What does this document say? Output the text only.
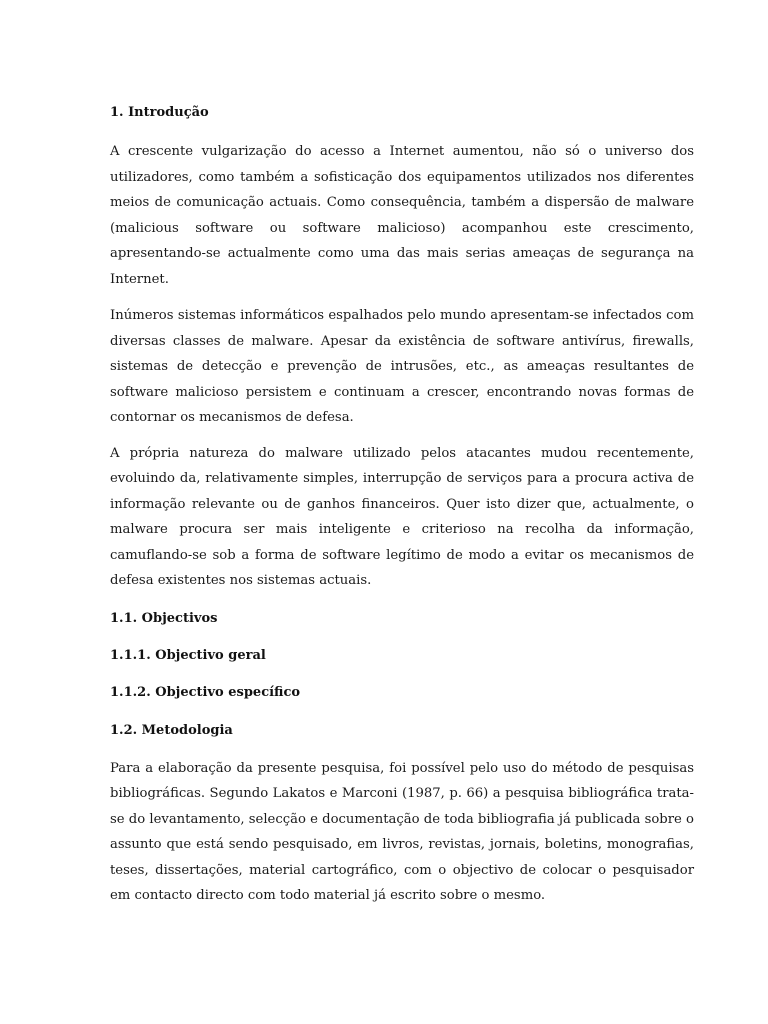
1. Introdução

A crescente vulgarização do acesso a Internet aumentou, não só o universo dos utilizadores, como também a sofisticação dos equipamentos utilizados nos diferentes meios de comunicação actuais. Como consequência, também a dispersão de malware (malicious software ou software malicioso) acompanhou este crescimento, apresentando-se actualmente como uma das mais serias ameaças de segurança na Internet.

Inúmeros sistemas informáticos espalhados pelo mundo apresentam-se infectados com diversas classes de malware. Apesar da existência de software antivírus, firewalls, sistemas de detecção e prevenção de intrusões, etc., as ameaças resultantes de software malicioso persistem e continuam a crescer, encontrando novas formas de contornar os mecanismos de defesa.

A própria natureza do malware utilizado pelos atacantes mudou recentemente, evoluindo da, relativamente simples, interrupção de serviços para a procura activa de informação relevante ou de ganhos financeiros. Quer isto dizer que, actualmente, o malware procura ser mais inteligente e criterioso na recolha da informação, camuflando-se sob a forma de software legítimo de modo a evitar os mecanismos de defesa existentes nos sistemas actuais.

1.1. Objectivos
1.1.1. Objectivo geral
1.1.2. Objectivo específico
1.2. Metodologia

Para a elaboração da presente pesquisa, foi possível pelo uso do método de pesquisas bibliográficas. Segundo Lakatos e Marconi (1987, p. 66) a pesquisa bibliográfica trata-se do levantamento, selecção e documentação de toda bibliografia já publicada sobre o assunto que está sendo pesquisado, em livros, revistas, jornais, boletins, monografias, teses, dissertações, material cartográfico, com o objectivo de colocar o pesquisador em contacto directo com todo material já escrito sobre o mesmo.
